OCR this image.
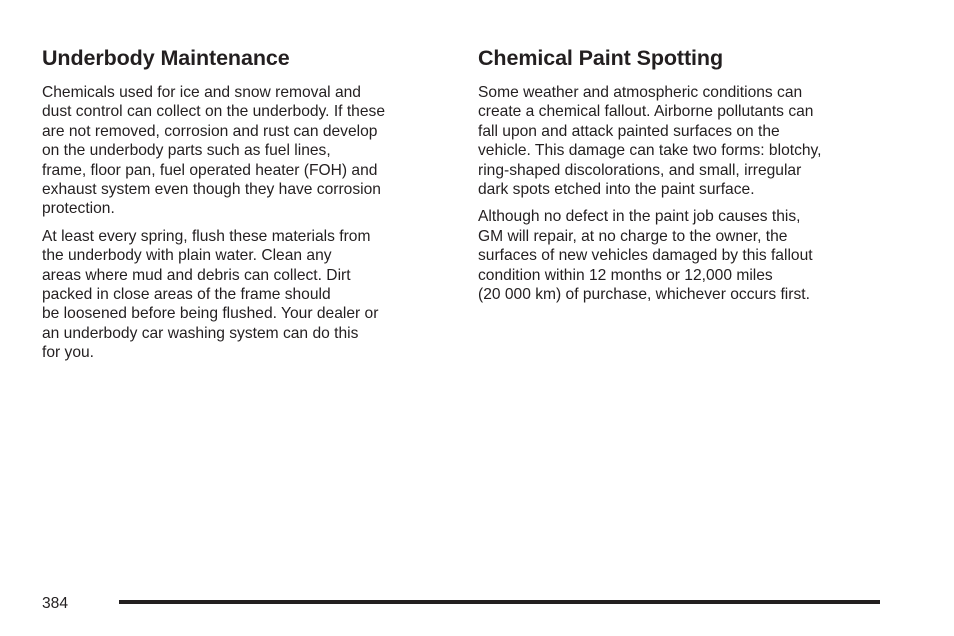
Underbody Maintenance

Chemicals used for ice and snow removal and
dust control can collect on the underbody. If these
are not removed, corrosion and rust can develop
on the underbody parts such as fuel lines,
frame, floor pan, fuel operated heater (FOH) and
exhaust system even though they have corrosion
protection.

At least every spring, flush these materials from
the underbody with plain water. Clean any
areas where mud and debris can collect. Dirt
packed in close areas of the frame should
be loosened before being flushed. Your dealer or
an underbody car washing system can do this
for you.

Chemical Paint Spotting

Some weather and atmospheric conditions can
create a chemical fallout. Airborne pollutants can
fall upon and attack painted surfaces on the
vehicle. This damage can take two forms: blotchy,
ring-shaped discolorations, and small, irregular
dark spots etched into the paint surface.

Although no defect in the paint job causes this,
GM will repair, at no charge to the owner, the
surfaces of new vehicles damaged by this fallout
condition within 12 months or 12,000 miles
(20 000 km) of purchase, whichever occurs first.

384
